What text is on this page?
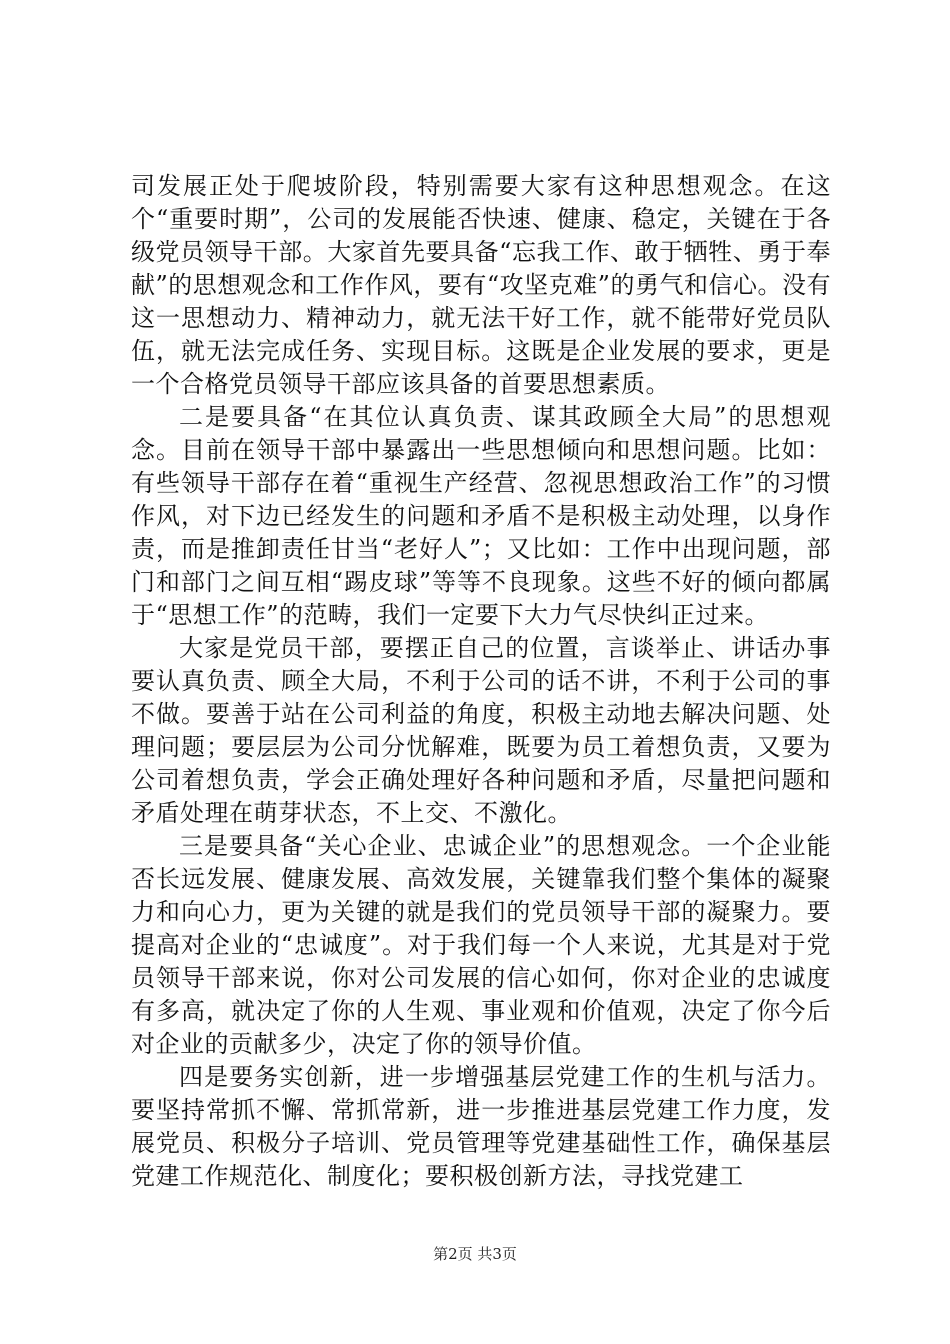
司发展正处于爬坡阶段，特别需要大家有这种思想观念。在这个“重要时期”，公司的发展能否快速、健康、稳定，关键在于各级党员领导干部。大家首先要具备“忘我工作、敢于牺牲、勇于奉献”的思想观念和工作作风，要有“攻坚克难”的勇气和信心。没有这一思想动力、精神动力，就无法干好工作，就不能带好党员队伍，就无法完成任务、实现目标。这既是企业发展的要求，更是一个合格党员领导干部应该具备的首要思想素质。

二是要具备“在其位认真负责、谋其政顾全大局”的思想观念。目前在领导干部中暴露出一些思想倾向和思想问题。比如：有些领导干部存在着“重视生产经营、忽视思想政治工作”的习惯作风，对下边已经发生的问题和矛盾不是积极主动处理，以身作责，而是推卸责任甘当“老好人”；又比如：工作中出现问题，部门和部门之间互相“踢皮球”等等不良现象。这些不好的倾向都属于“思想工作”的范畴，我们一定要下大力气尽快纠正过来。

大家是党员干部，要摆正自己的位置，言谈举止、讲话办事要认真负责、顾全大局，不利于公司的话不讲，不利于公司的事不做。要善于站在公司利益的角度，积极主动地去解决问题、处理问题；要层层为公司分忧解难，既要为员工着想负责，又要为公司着想负责，学会正确处理好各种问题和矛盾，尽量把问题和矛盾处理在萌芽状态，不上交、不激化。

三是要具备“关心企业、忠诚企业”的思想观念。一个企业能否长远发展、健康发展、高效发展，关键靠我们整个集体的凝聚力和向心力，更为关键的就是我们的党员领导干部的凝聚力。要提高对企业的“忠诚度”。对于我们每一个人来说，尤其是对于党员领导干部来说，你对公司发展的信心如何，你对企业的忠诚度有多高，就决定了你的人生观、事业观和价值观，决定了你今后对企业的贡献多少，决定了你的领导价值。

四是要务实创新，进一步增强基层党建工作的生机与活力。要坚持常抓不懈、常抓常新，进一步推进基层党建工作力度，发展党员、积极分子培训、党员管理等党建基础性工作，确保基层党建工作规范化、制度化；要积极创新方法，寻找党建工

第2页 共3页
